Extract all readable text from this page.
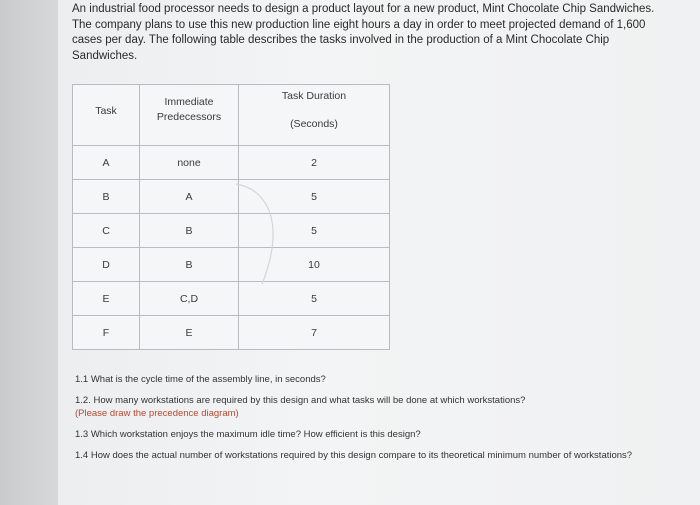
An industrial food processor needs to design a product layout for a new product, Mint Chocolate Chip Sandwiches. The company plans to use this new production line eight hours a day in order to meet projected demand of 1,600 cases per day. The following table describes the tasks involved in the production of a Mint Chocolate Chip Sandwiches.

Task	Immediate Predecessors	Task Duration
(Seconds)

A	none	2
B	A	5
C	B	5
D	B	10
E	C,D	5
F	E	7

1.1 What is the cycle time of the assembly line, in seconds?

1.2. How many workstations are required by this design and what tasks will be done at which workstations?

(Please draw the precedence diagram)

1.3 Which workstation enjoys the maximum idle time? How efficient is this design?

1.4 How does the actual number of workstations required by this design compare to its theoretical minimum number of workstations?
